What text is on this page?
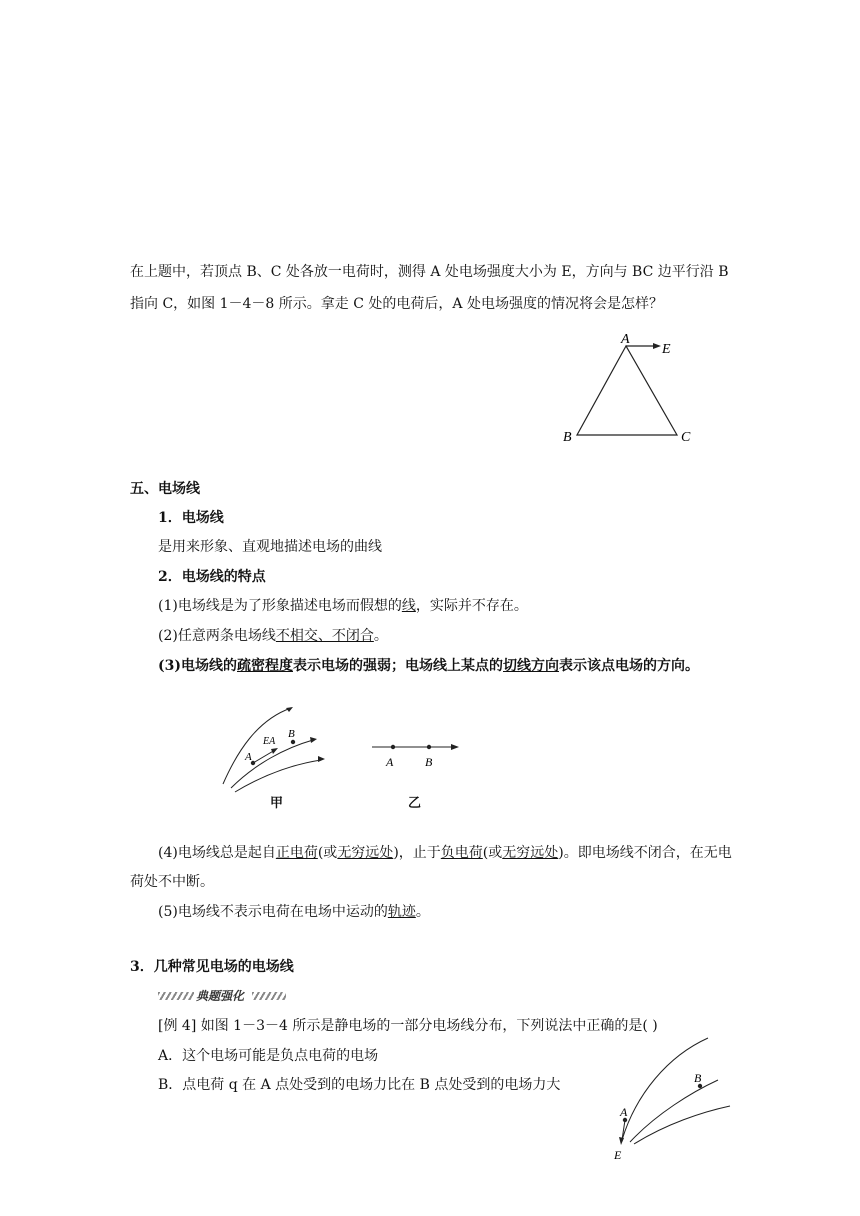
在上题中，若顶点 B、C 处各放一电荷时，测得 A 处电场强度大小为 E，方向与 BC 边平行沿 B
指向 C，如图 1－4－8 所示。拿走 C 处的电荷后，A 处电场强度的情况将会是怎样？
A
E
B	C
五、电场线
1．电场线
是用来形象、直观地描述电场的曲线
2．电场线的特点
(1)电场线是为了形象描述电场而假想的线，实际并不存在。
(2)任意两条电场线不相交、不闭合。
(3)电场线的疏密程度表示电场的强弱；电场线上某点的切线方向表示该点电场的方向。
A
B
EA
甲
A	B
乙
(4)电场线总是起自正电荷(或无穷远处)，止于负电荷(或无穷远处)。即电场线不闭合，在无电
荷处不中断。
(5)电场线不表示电荷在电场中运动的轨迹。
3．几种常见电场的电场线
典题强化
[例 4] 如图 1－3－4 所示是静电场的一部分电场线分布，下列说法中正确的是( )
A．这个电场可能是负点电荷的电场
B．点电荷 q 在 A 点处受到的电场力比在 B 点处受到的电场力大
A
B
E
